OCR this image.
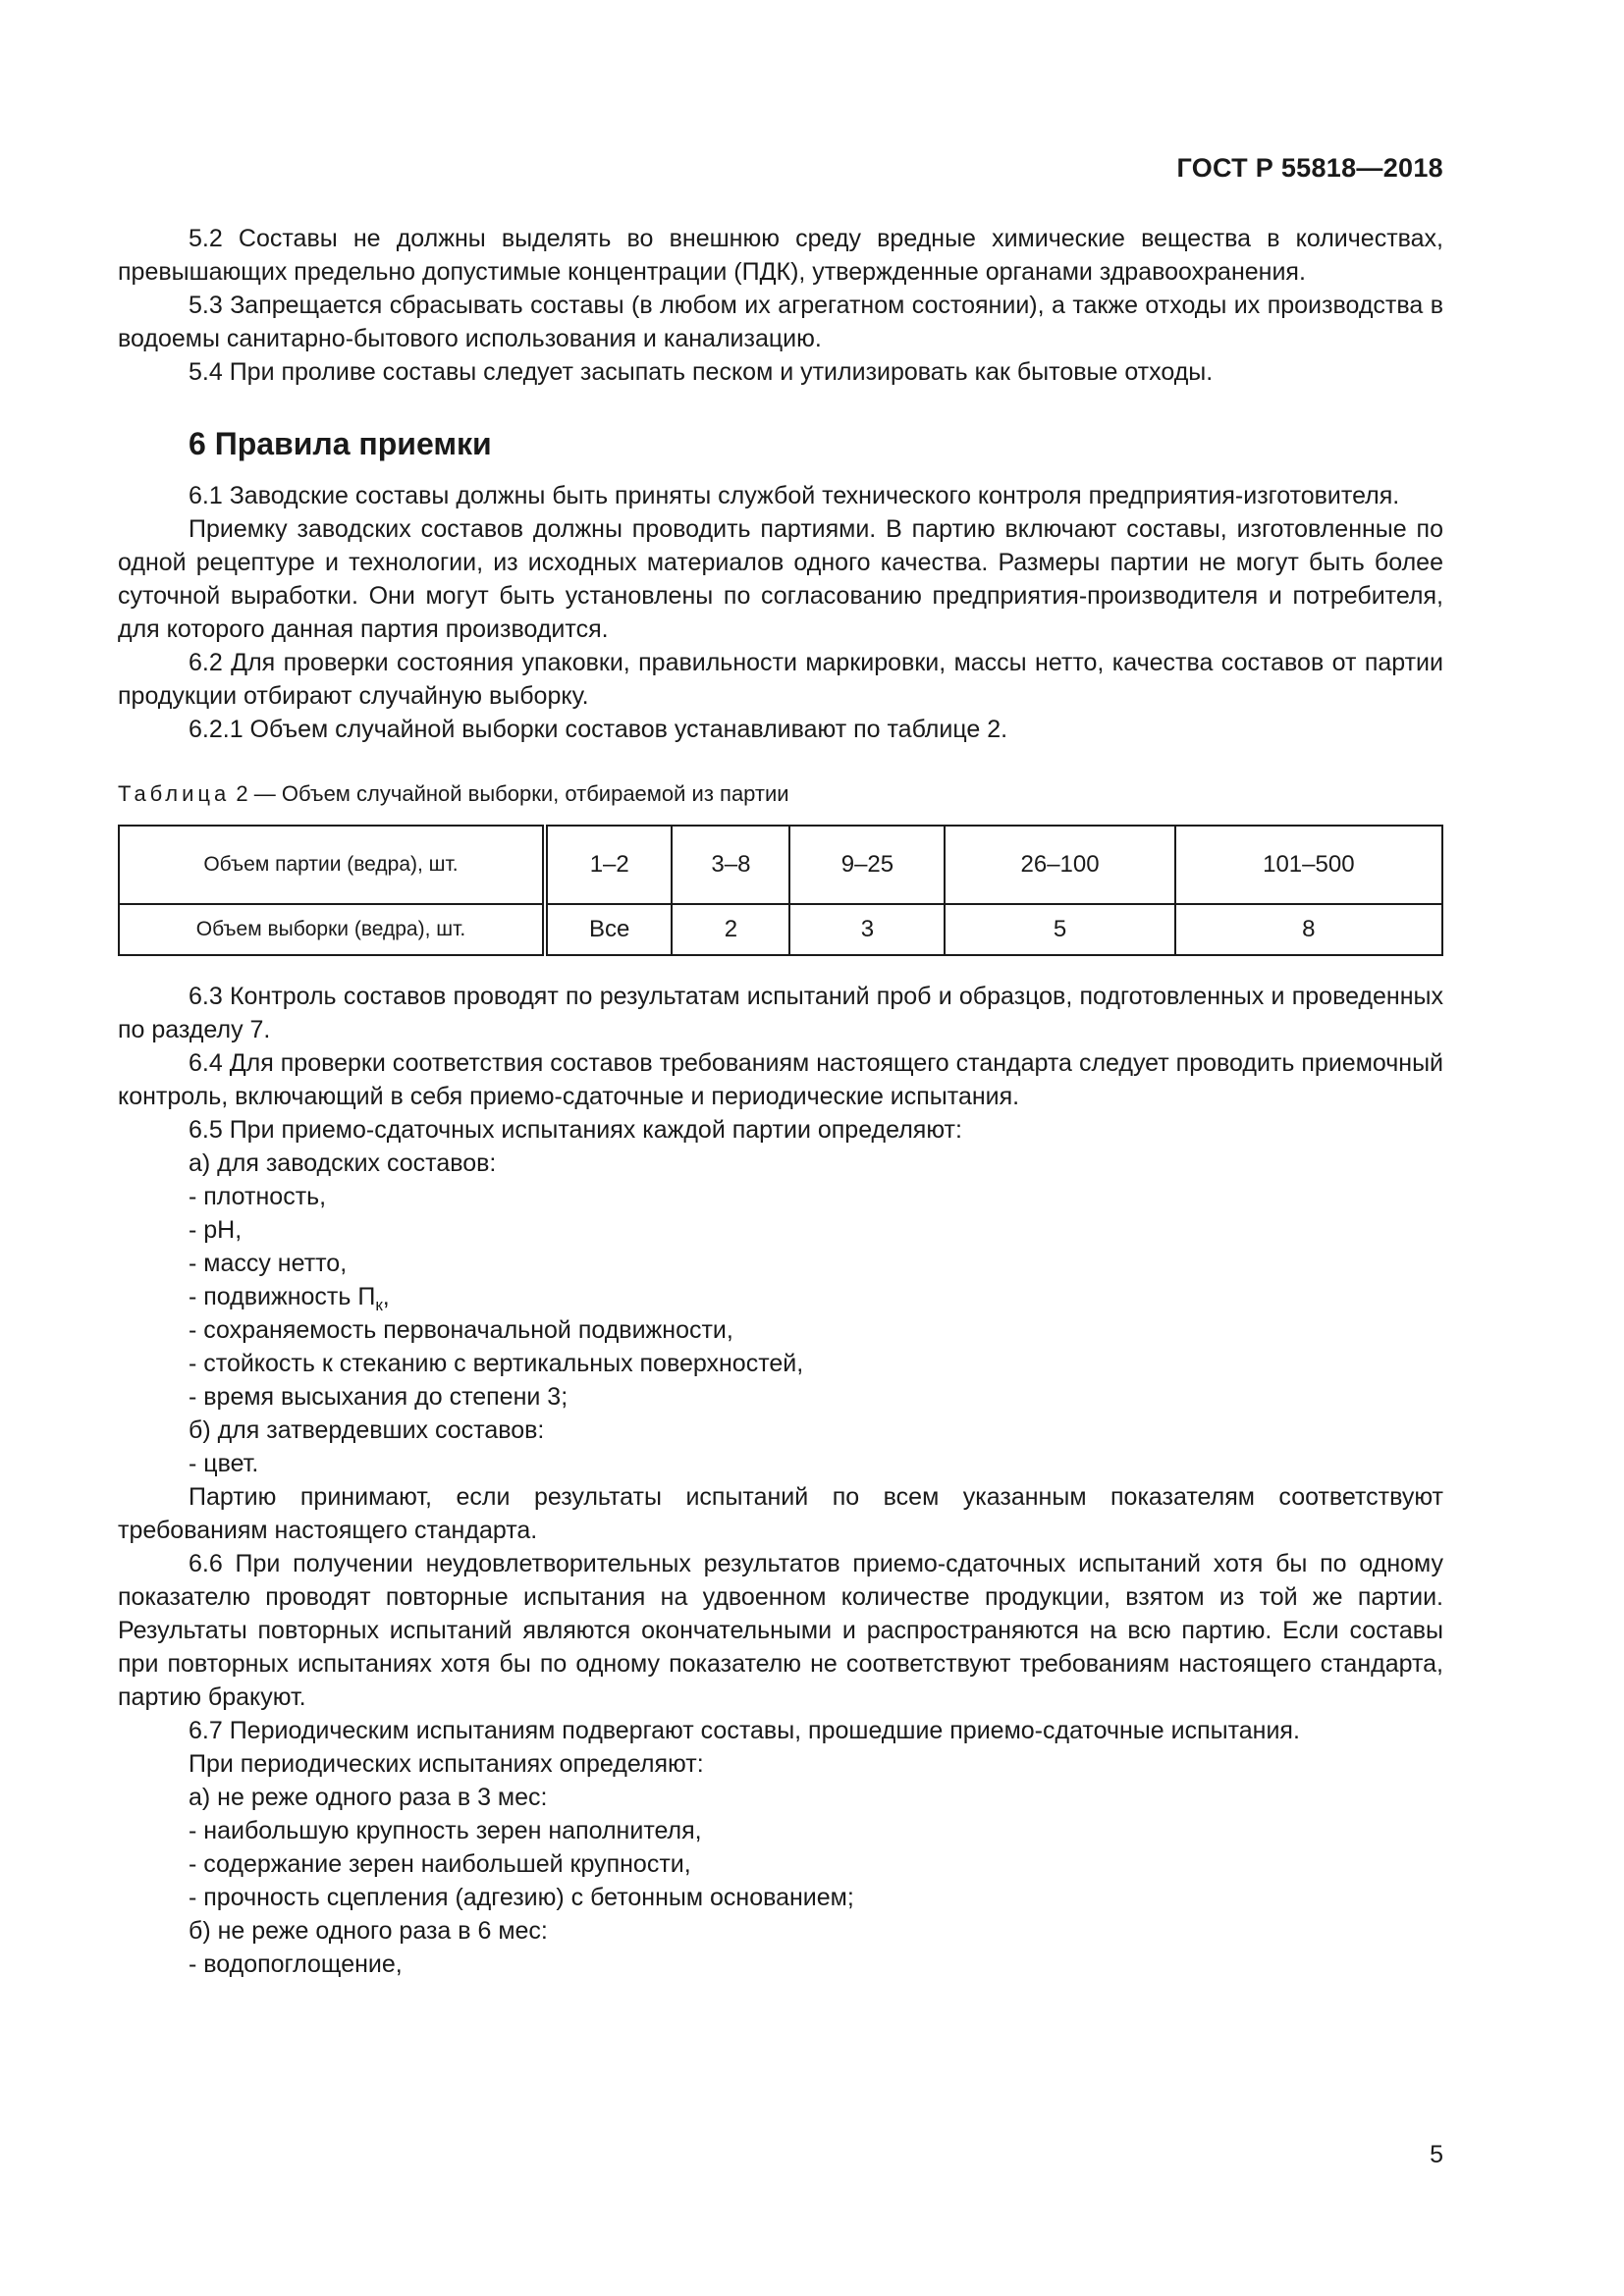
ГОСТ Р 55818—2018

5.2 Составы не должны выделять во внешнюю среду вредные химические вещества в количествах, превышающих предельно допустимые концентрации (ПДК), утвержденные органами здравоохранения.

5.3 Запрещается сбрасывать составы (в любом их агрегатном состоянии), а также отходы их производства в водоемы санитарно-бытового использования и канализацию.

5.4 При проливе составы следует засыпать песком и утилизировать как бытовые отходы.

6 Правила приемки

6.1 Заводские составы должны быть приняты службой технического контроля предприятия-изготовителя.

Приемку заводских составов должны проводить партиями. В партию включают составы, изготовленные по одной рецептуре и технологии, из исходных материалов одного качества. Размеры партии не могут быть более суточной выработки. Они могут быть установлены по согласованию предприятия-производителя и потребителя, для которого данная партия производится.

6.2 Для проверки состояния упаковки, правильности маркировки, массы нетто, качества составов от партии продукции отбирают случайную выборку.

6.2.1 Объем случайной выборки составов устанавливают по таблице 2.

Таблица 2 — Объем случайной выборки, отбираемой из партии
Объем партии (ведра), шт.	1–2	3–8	9–25	26–100	101–500
Объем выборки (ведра), шт.	Все	2	3	5	8

6.3 Контроль составов проводят по результатам испытаний проб и образцов, подготовленных и проведенных по разделу 7.

6.4 Для проверки соответствия составов требованиям настоящего стандарта следует проводить приемочный контроль, включающий в себя приемо-сдаточные и периодические испытания.

6.5 При приемо-сдаточных испытаниях каждой партии определяют:

а) для заводских составов:

- плотность,

- pH,

- массу нетто,

- подвижность $П_к$,

- сохраняемость первоначальной подвижности,

- стойкость к стеканию с вертикальных поверхностей,

- время высыхания до степени 3;

б) для затвердевших составов:

- цвет.

Партию принимают, если результаты испытаний по всем указанным показателям соответствуют требованиям настоящего стандарта.

6.6 При получении неудовлетворительных результатов приемо-сдаточных испытаний хотя бы по одному показателю проводят повторные испытания на удвоенном количестве продукции, взятом из той же партии. Результаты повторных испытаний являются окончательными и распространяются на всю партию. Если составы при повторных испытаниях хотя бы по одному показателю не соответствуют требованиям настоящего стандарта, партию бракуют.

6.7 Периодическим испытаниям подвергают составы, прошедшие приемо-сдаточные испытания.

При периодических испытаниях определяют:

а) не реже одного раза в 3 мес:

- наибольшую крупность зерен наполнителя,

- содержание зерен наибольшей крупности,

- прочность сцепления (адгезию) с бетонным основанием;

б) не реже одного раза в 6 мес:

- водопоглощение,

5
